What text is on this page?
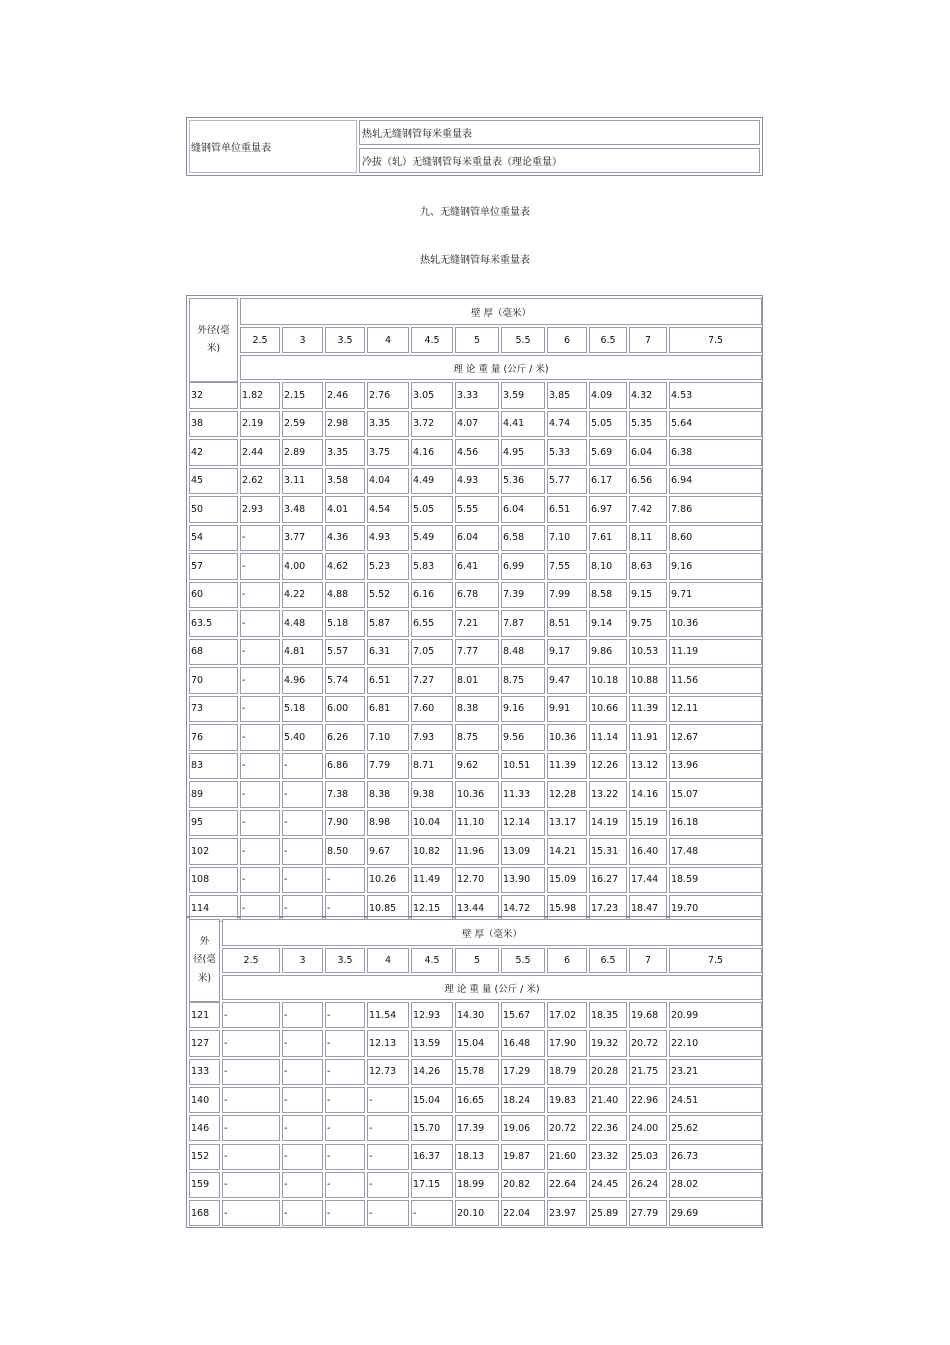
缝钢管单位重量表
热轧无缝钢管每米重量表
冷拔（轧）无缝钢管每米重量表（理论重量）
九、无缝钢管单位重量表
热轧无缝钢管每米重量表
外径(毫
米)
壁 厚（毫米）
2.5	3	3.5	4	4.5	5	5.5	6	6.5	7	7.5
理 论 重 量 (公斤 / 米)
32	1.82	2.15	2.46	2.76	3.05	3.33	3.59	3.85	4.09	4.32	4.53
38	2.19	2.59	2.98	3.35	3.72	4.07	4.41	4.74	5.05	5.35	5.64
42	2.44	2.89	3.35	3.75	4.16	4.56	4.95	5.33	5.69	6.04	6.38
45	2.62	3.11	3.58	4.04	4.49	4.93	5.36	5.77	6.17	6.56	6.94
50	2.93	3.48	4.01	4.54	5.05	5.55	6.04	6.51	6.97	7.42	7.86
54	-	3.77	4.36	4.93	5.49	6.04	6.58	7.10	7.61	8.11	8.60
57	-	4.00	4.62	5.23	5.83	6.41	6.99	7.55	8.10	8.63	9.16
60	-	4.22	4.88	5.52	6.16	6.78	7.39	7.99	8.58	9.15	9.71
63.5	-	4.48	5.18	5.87	6.55	7.21	7.87	8.51	9.14	9.75	10.36
68	-	4.81	5.57	6.31	7.05	7.77	8.48	9.17	9.86	10.53	11.19
70	-	4.96	5.74	6.51	7.27	8.01	8.75	9.47	10.18	10.88	11.56
73	-	5.18	6.00	6.81	7.60	8.38	9.16	9.91	10.66	11.39	12.11
76	-	5.40	6.26	7.10	7.93	8.75	9.56	10.36	11.14	11.91	12.67
83	-	-	6.86	7.79	8.71	9.62	10.51	11.39	12.26	13.12	13.96
89	-	-	7.38	8.38	9.38	10.36	11.33	12.28	13.22	14.16	15.07
95	-	-	7.90	8.98	10.04	11.10	12.14	13.17	14.19	15.19	16.18
102	-	-	8.50	9.67	10.82	11.96	13.09	14.21	15.31	16.40	17.48
108	-	-	-	10.26	11.49	12.70	13.90	15.09	16.27	17.44	18.59
114	-	-	-	10.85	12.15	13.44	14.72	15.98	17.23	18.47	19.70
外
径(毫
米)
壁 厚（毫米）
2.5	3	3.5	4	4.5	5	5.5	6	6.5	7	7.5
理 论 重 量 (公斤 / 米)
121	-	-	-	11.54	12.93	14.30	15.67	17.02	18.35	19.68	20.99
127	-	-	-	12.13	13.59	15.04	16.48	17.90	19.32	20.72	22.10
133	-	-	-	12.73	14.26	15.78	17.29	18.79	20.28	21.75	23.21
140	-	-	-	-	15.04	16.65	18.24	19.83	21.40	22.96	24.51
146	-	-	-	-	15.70	17.39	19.06	20.72	22.36	24.00	25.62
152	-	-	-	-	16.37	18.13	19.87	21.60	23.32	25.03	26.73
159	-	-	-	-	17.15	18.99	20.82	22.64	24.45	26.24	28.02
168	-	-	-	-	-	20.10	22.04	23.97	25.89	27.79	29.69
